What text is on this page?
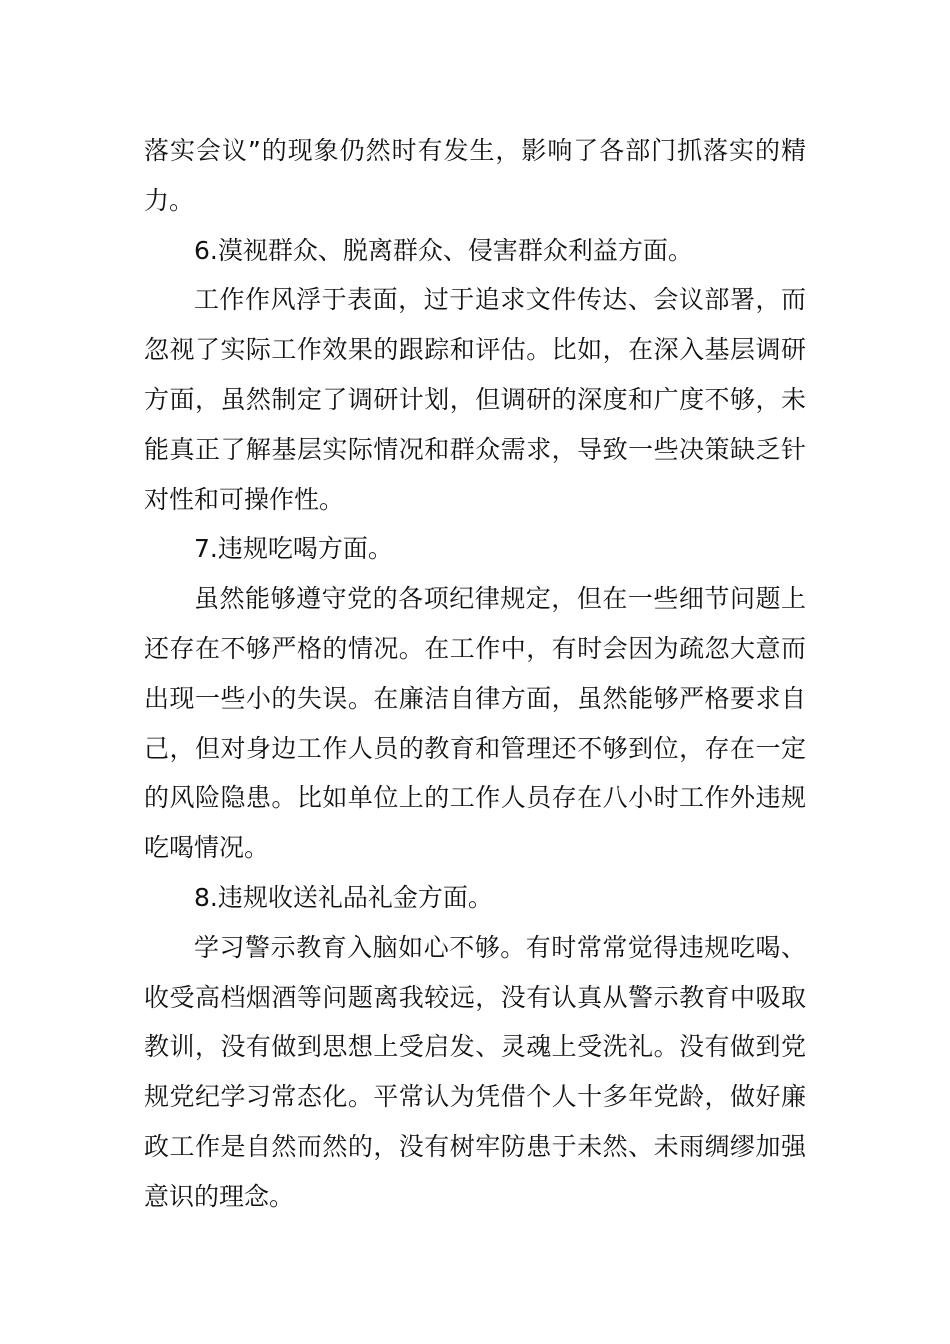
落实会议”的现象仍然时有发生，影响了各部门抓落实的精力。

6.漠视群众、脱离群众、侵害群众利益方面。

工作作风浮于表面，过于追求文件传达、会议部署，而忽视了实际工作效果的跟踪和评估。比如，在深入基层调研方面，虽然制定了调研计划，但调研的深度和广度不够，未能真正了解基层实际情况和群众需求，导致一些决策缺乏针对性和可操作性。

7.违规吃喝方面。

虽然能够遵守党的各项纪律规定，但在一些细节问题上还存在不够严格的情况。在工作中，有时会因为疏忽大意而出现一些小的失误。在廉洁自律方面，虽然能够严格要求自己，但对身边工作人员的教育和管理还不够到位，存在一定的风险隐患。比如单位上的工作人员存在八小时工作外违规吃喝情况。

8.违规收送礼品礼金方面。

学习警示教育入脑如心不够。有时常常觉得违规吃喝、收受高档烟酒等问题离我较远，没有认真从警示教育中吸取教训，没有做到思想上受启发、灵魂上受洗礼。没有做到党规党纪学习常态化。平常认为凭借个人十多年党龄，做好廉政工作是自然而然的，没有树牢防患于未然、未雨绸缪加强意识的理念。
